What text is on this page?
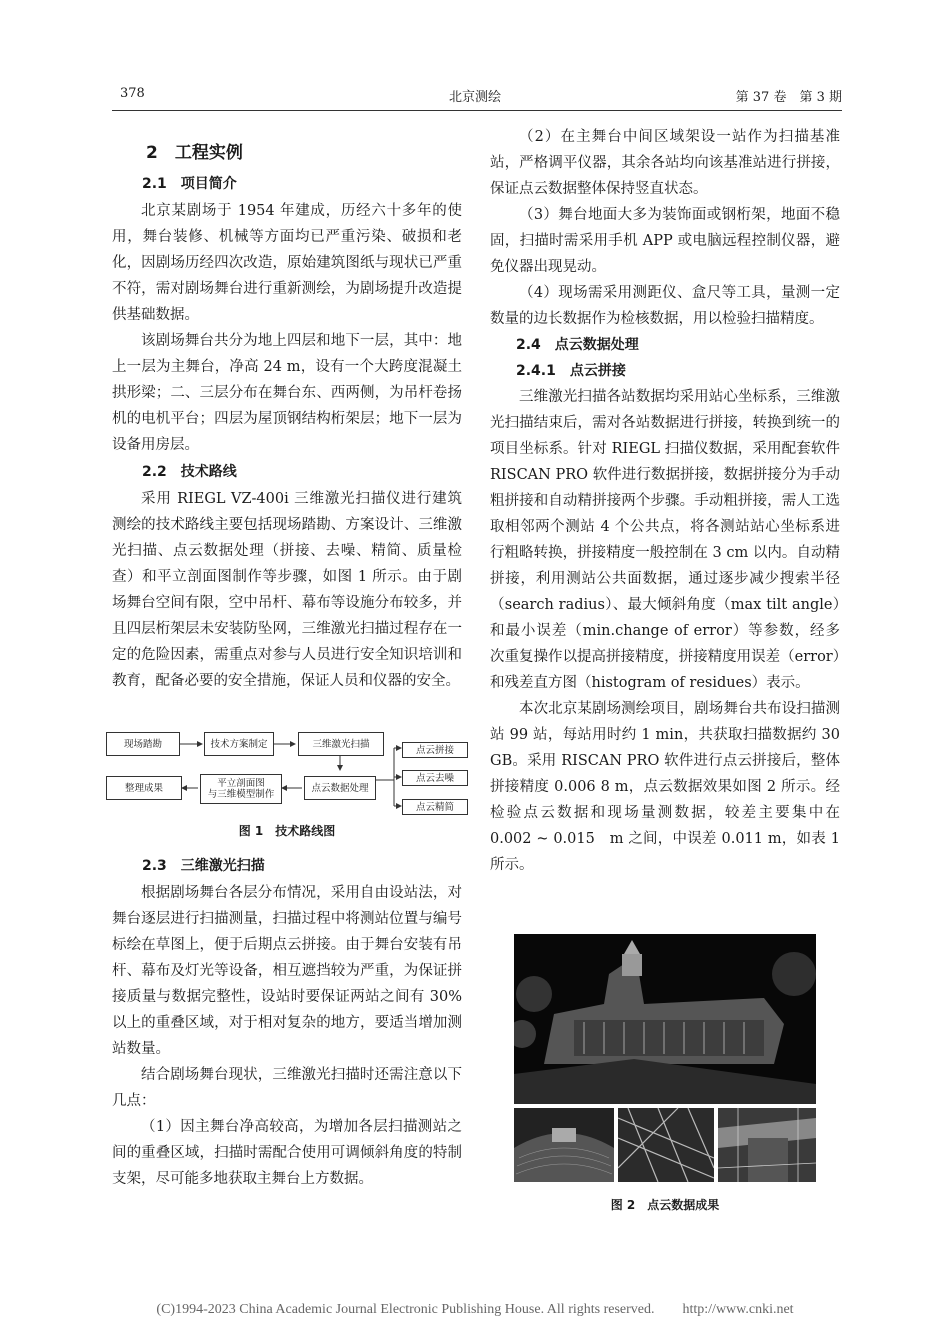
378	北京测绘	第 37 卷　第 3 期
2　工程实例
2.1　项目简介

北京某剧场于 1954 年建成，历经六十多年的使用，舞台装修、机械等方面均已严重污染、破损和老化，因剧场历经四次改造，原始建筑图纸与现状已严重不符，需对剧场舞台进行重新测绘，为剧场提升改造提供基础数据。

该剧场舞台共分为地上四层和地下一层，其中：地上一层为主舞台，净高 24 m，设有一个大跨度混凝土拱形梁；二、三层分布在舞台东、西两侧，为吊杆卷扬机的电机平台；四层为屋顶钢结构桁架层；地下一层为设备用房层。

2.2　技术路线

采用 RIEGL VZ-400i 三维激光扫描仪进行建筑测绘的技术路线主要包括现场踏勘、方案设计、三维激光扫描、点云数据处理（拼接、去噪、精简、质量检查）和平立剖面图制作等步骤，如图 1 所示。由于剧场舞台空间有限，空中吊杆、幕布等设施分布较多，并且四层桁架层未安装防坠网，三维激光扫描过程存在一定的危险因素，需重点对参与人员进行安全知识培训和教育，配备必要的安全措施，保证人员和仪器的安全。

现场踏勘	技术方案制定	三维激光扫描
点云拼接
点云去噪
点云精简
点云数据处理
平立剖面图
与三维模型制作
整理成果
图 1　技术路线图
2.3　三维激光扫描

根据剧场舞台各层分布情况，采用自由设站法，对舞台逐层进行扫描测量，扫描过程中将测站位置与编号标绘在草图上，便于后期点云拼接。由于舞台安装有吊杆、幕布及灯光等设备，相互遮挡较为严重，为保证拼接质量与数据完整性，设站时要保证两站之间有 30% 以上的重叠区域，对于相对复杂的地方，要适当增加测站数量。

结合剧场舞台现状，三维激光扫描时还需注意以下几点：

（1）因主舞台净高较高，为增加各层扫描测站之间的重叠区域，扫描时需配合使用可调倾斜角度的特制支架，尽可能多地获取主舞台上方数据。

（2）在主舞台中间区域架设一站作为扫描基准站，严格调平仪器，其余各站均向该基准站进行拼接，保证点云数据整体保持竖直状态。

（3）舞台地面大多为装饰面或钢桁架，地面不稳固，扫描时需采用手机 APP 或电脑远程控制仪器，避免仪器出现晃动。

（4）现场需采用测距仪、盒尺等工具，量测一定数量的边长数据作为检核数据，用以检验扫描精度。

2.4　点云数据处理
2.4.1　点云拼接

三维激光扫描各站数据均采用站心坐标系，三维激光扫描结束后，需对各站数据进行拼接，转换到统一的项目坐标系。针对 RIEGL 扫描仪数据，采用配套软件 RISCAN PRO 软件进行数据拼接，数据拼接分为手动粗拼接和自动精拼接两个步骤。手动粗拼接，需人工选取相邻两个测站 4 个公共点，将各测站站心坐标系进行粗略转换，拼接精度一般控制在 3 cm 以内。自动精拼接，利用测站公共面数据，通过逐步减少搜索半径（search radius）、最大倾斜角度（max tilt angle）和最小误差（min.change of error）等参数，经多次重复操作以提高拼接精度，拼接精度用误差（error）和残差直方图（histogram of residues）表示。

本次北京某剧场测绘项目，剧场舞台共布设扫描测站 99 站，每站用时约 1 min，共获取扫描数据约 30 GB。采用 RISCAN PRO 软件进行点云拼接后，整体拼接精度 0.006 8 m，点云数据效果如图 2 所示。经检验点云数据和现场量测数据，较差主要集中在 0.002 ~ 0.015　m 之间，中误差 0.011 m，如表 1 所示。

图 2　点云数据成果
(C)1994-2023 China Academic Journal Electronic Publishing House. All rights reserved.　　http://www.cnki.net
